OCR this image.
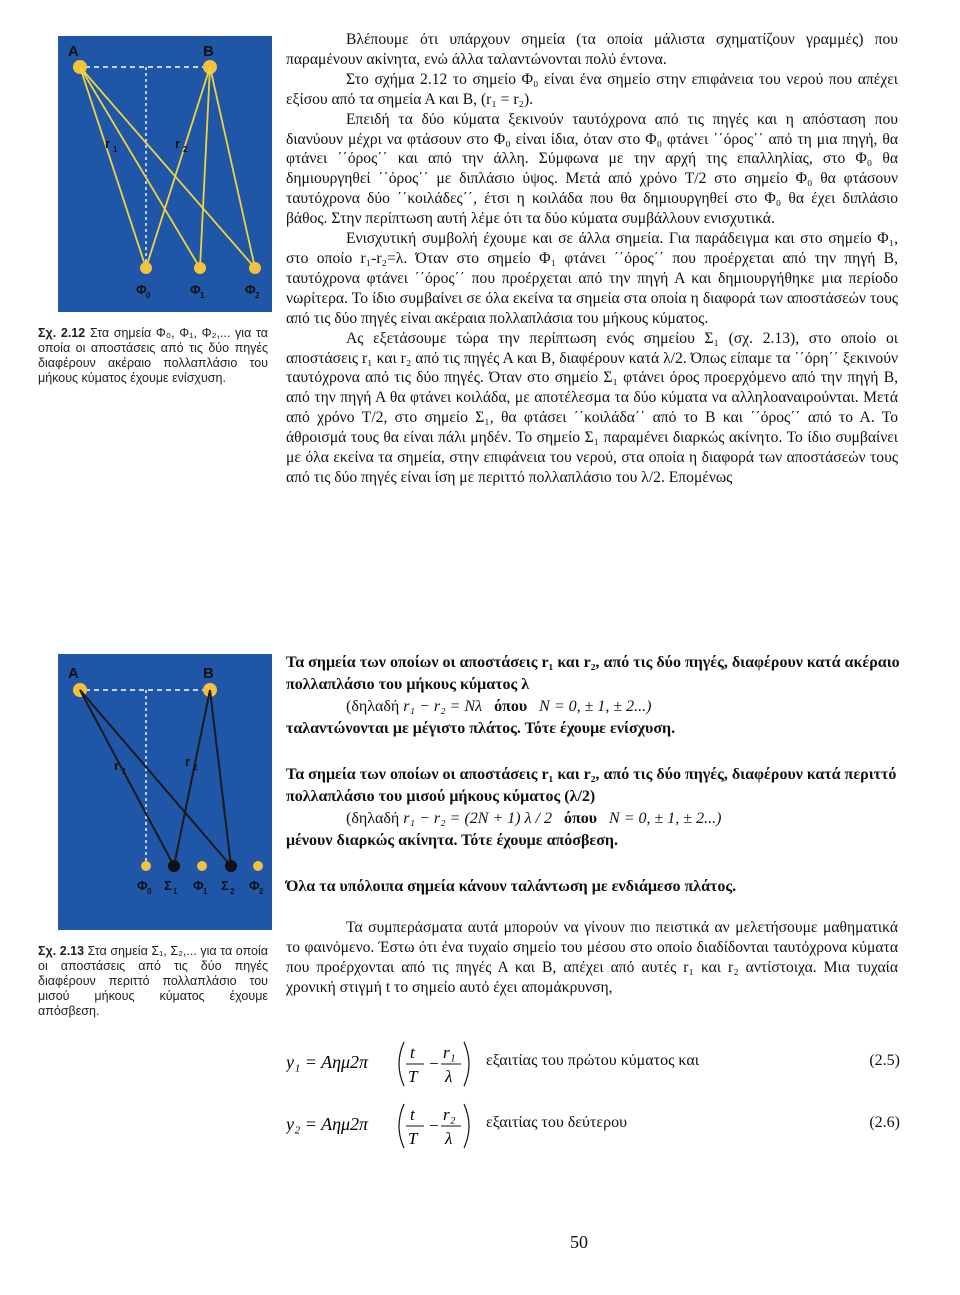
A	B
r 1	r 2
Φ 0	Φ 1	Φ 2
Σχ. 2.12 Στα σημεία Φ₀, Φ₁, Φ₂,... για τα οποία οι αποστάσεις από τις δύο πηγές διαφέρουν ακέραιο πολλαπλάσιο του μήκους κύματος έχουμε ενίσχυση.
A	B
r 1
r 2
Φ 0 Σ 1 Φ 1 Σ 2 Φ 2
Σχ. 2.13 Στα σημεία Σ₁, Σ₂,... για τα οποία οι αποστάσεις από τις δύο πηγές διαφέρουν περιττό πολλαπλάσιο του μισού μήκους κύματος έχουμε απόσβεση.

Βλέπουμε ότι υπάρχουν σημεία (τα οποία μάλιστα σχηματίζουν γραμμές) που παραμένουν ακίνητα, ενώ άλλα ταλαντώνονται πολύ έντονα.

Στο σχήμα 2.12 το σημείο Φ₀ είναι ένα σημείο στην επιφάνεια του νερού που απέχει εξίσου από τα σημεία Α και Β, (r₁ = r₂).

Επειδή τα δύο κύματα ξεκινούν ταυτόχρονα από τις πηγές και η απόσταση που διανύουν μέχρι να φτάσουν στο Φ₀ είναι ίδια, όταν στο Φ₀ φτάνει ΄΄όρος΄΄ από τη μια πηγή, θα φτάνει ΄΄όρος΄΄ και από την άλλη. Σύμφωνα με την αρχή της επαλληλίας, στο Φ₀ θα δημιουργηθεί ΄΄όρος΄΄ με διπλάσιο ύψος. Μετά από χρόνο T/2 στο σημείο Φ₀ θα φτάσουν ταυτόχρονα δύο ΄΄κοιλάδες΄΄, έτσι η κοιλάδα που θα δημιουργηθεί στο Φ₀ θα έχει διπλάσιο βάθος. Στην περίπτωση αυτή λέμε ότι τα δύο κύματα συμβάλλουν ενισχυτικά.

Ενισχυτική συμβολή έχουμε και σε άλλα σημεία. Για παράδειγμα και στο σημείο Φ₁, στο οποίο r₁-r₂=λ. Όταν στο σημείο Φ₁ φτάνει ΄΄όρος΄΄ που προέρχεται από την πηγή Β, ταυτόχρονα φτάνει ΄΄όρος΄΄ που προέρχεται από την πηγή Α και δημιουργήθηκε μια περίοδο νωρίτερα. Το ίδιο συμβαίνει σε όλα εκείνα τα σημεία στα οποία η διαφορά των αποστάσεών τους από τις δύο πηγές είναι ακέραια πολλαπλάσια του μήκους κύματος.

Ας εξετάσουμε τώρα την περίπτωση ενός σημείου Σ₁ (σχ. 2.13), στο οποίο οι αποστάσεις r₁ και r₂ από τις πηγές Α και Β, διαφέρουν κατά λ/2. Όπως είπαμε τα ΄΄όρη΄΄ ξεκινούν ταυτόχρονα από τις δύο πηγές. Όταν στο σημείο Σ₁ φτάνει όρος προερχόμενο από την πηγή Β, από την πηγή Α θα φτάνει κοιλάδα, με αποτέλεσμα τα δύο κύματα να αλληλοαναιρούνται. Μετά από χρόνο T/2, στο σημείο Σ₁, θα φτάσει ΄΄κοιλάδα΄΄ από το Β και ΄΄όρος΄΄ από το Α. Το άθροισμά τους θα είναι πάλι μηδέν. Το σημείο Σ₁ παραμένει διαρκώς ακίνητο. Το ίδιο συμβαίνει με όλα εκείνα τα σημεία, στην επιφάνεια του νερού, στα οποία η διαφορά των αποστάσεών τους από τις δύο πηγές είναι ίση με περιττό πολλαπλάσιο του λ/2. Επομένως

Τα σημεία των οποίων οι αποστάσεις r₁ και r₂, από τις δύο πηγές, διαφέρουν κατά ακέραιο πολλαπλάσιο του μήκους κύματος λ

(δηλαδή r₁ − r₂ = Nλ όπου N = 0, ± 1, ± 2...)

ταλαντώνονται με μέγιστο πλάτος. Τότε έχουμε ενίσχυση.

Τα σημεία των οποίων οι αποστάσεις r₁ και r₂, από τις δύο πηγές, διαφέρουν κατά περιττό πολλαπλάσιο του μισού μήκους κύματος (λ/2)

(δηλαδή r₁ − r₂ = (2N + 1) λ / 2 όπου N = 0, ± 1, ± 2...)

μένουν διαρκώς ακίνητα. Τότε έχουμε απόσβεση.

Όλα τα υπόλοιπα σημεία κάνουν ταλάντωση με ενδιάμεσο πλάτος.

Τα συμπεράσματα αυτά μπορούν να γίνουν πιο πειστικά αν μελετήσουμε μαθηματικά το φαινόμενο. Έστω ότι ένα τυχαίο σημείο του μέσου στο οποίο διαδίδονται ταυτόχρονα κύματα που προέρχονται από τις πηγές Α και Β, απέχει από αυτές r₁ και r₂ αντίστοιχα. Μια τυχαία χρονική στιγμή t το σημείο αυτό έχει απομάκρυνση,

y₁ = Aημ2π t
T
−
r₁
λ
εξαιτίας του πρώτου κύματος και	(2.5)
y₂ = Aημ2π t
T
−
r₂
λ
εξαιτίας του δεύτερου	(2.6)
50
